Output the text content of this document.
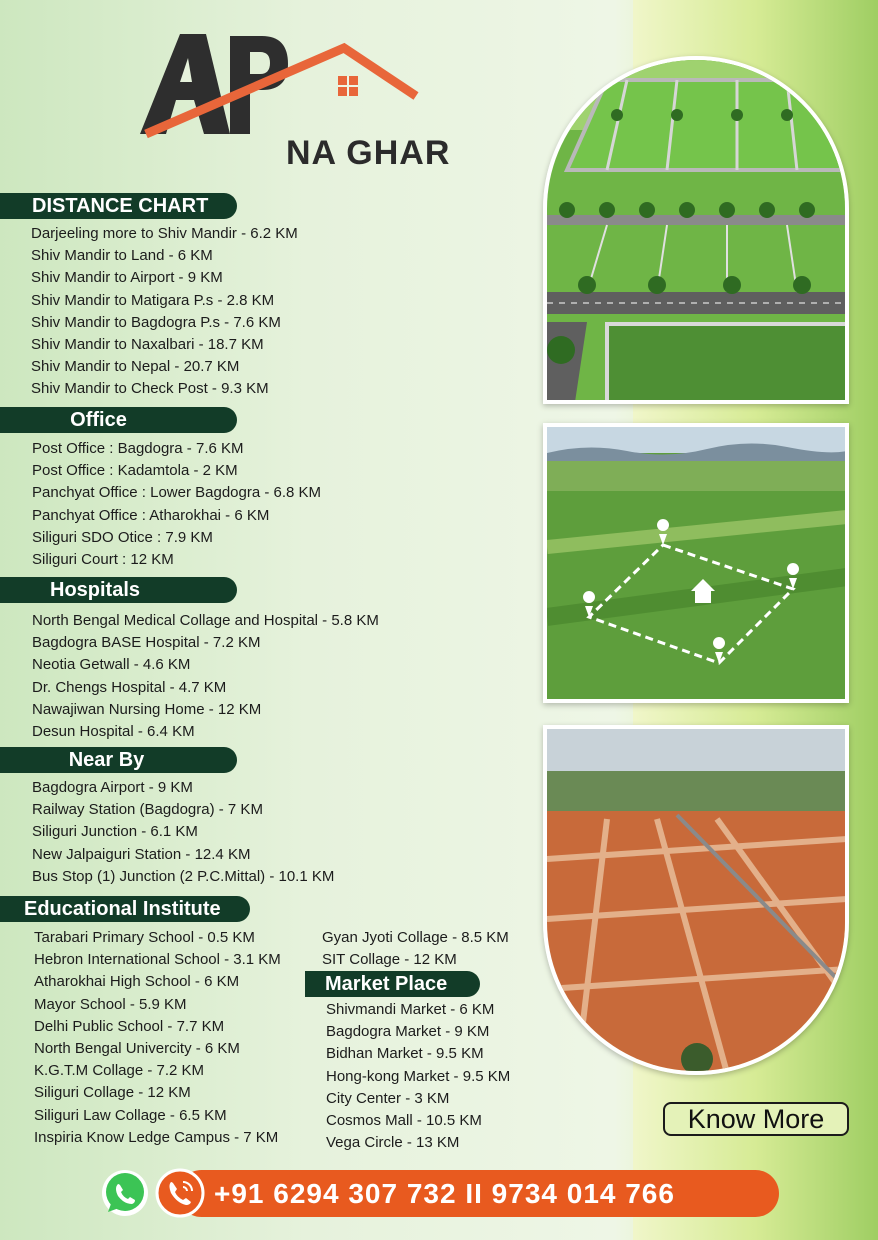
AP
NA GHAR
DISTANCE CHART
Darjeeling more to Shiv Mandir - 6.2 KM
Shiv Mandir to Land - 6 KM
Shiv Mandir to Airport - 9 KM
Shiv Mandir to Matigara P.s - 2.8 KM
Shiv Mandir to Bagdogra P.s - 7.6 KM
Shiv Mandir to Naxalbari - 18.7 KM
Shiv Mandir to Nepal - 20.7 KM
Shiv Mandir to Check Post - 9.3 KM
Office
Post Office : Bagdogra - 7.6 KM
Post Office : Kadamtola - 2 KM
Panchyat Office : Lower Bagdogra - 6.8 KM
Panchyat Office : Atharokhai - 6 KM
Siliguri SDO Otice : 7.9 KM
Siliguri Court : 12 KM
Hospitals
North Bengal Medical Collage and Hospital - 5.8 KM
Bagdogra BASE Hospital - 7.2 KM
Neotia Getwall - 4.6 KM
Dr. Chengs Hospital - 4.7 KM
Nawajiwan Nursing Home - 12 KM
Desun Hospital - 6.4 KM
Near By
Bagdogra Airport - 9 KM
Railway Station (Bagdogra) - 7 KM
Siliguri Junction - 6.1 KM
New Jalpaiguri Station - 12.4 KM
Bus Stop (1) Junction (2 P.C.Mittal) - 10.1 KM
Educational Institute
Tarabari Primary School - 0.5 KM
Hebron International School - 3.1 KM
Atharokhai High School - 6 KM
Mayor School - 5.9 KM
Delhi Public School - 7.7 KM
North Bengal Univercity - 6 KM
K.G.T.M Collage - 7.2 KM
Siliguri Collage - 12 KM
Siliguri Law Collage - 6.5 KM
Inspiria Know Ledge Campus - 7 KM
Gyan Jyoti Collage - 8.5 KM
SIT Collage - 12 KM
Market Place
Shivmandi Market - 6 KM
Bagdogra Market - 9 KM
Bidhan Market - 9.5 KM
Hong-kong Market - 9.5 KM
City Center - 3 KM
Cosmos Mall - 10.5 KM
Vega Circle - 13 KM
Know More
+91 6294 307 732 II 9734 014 766
